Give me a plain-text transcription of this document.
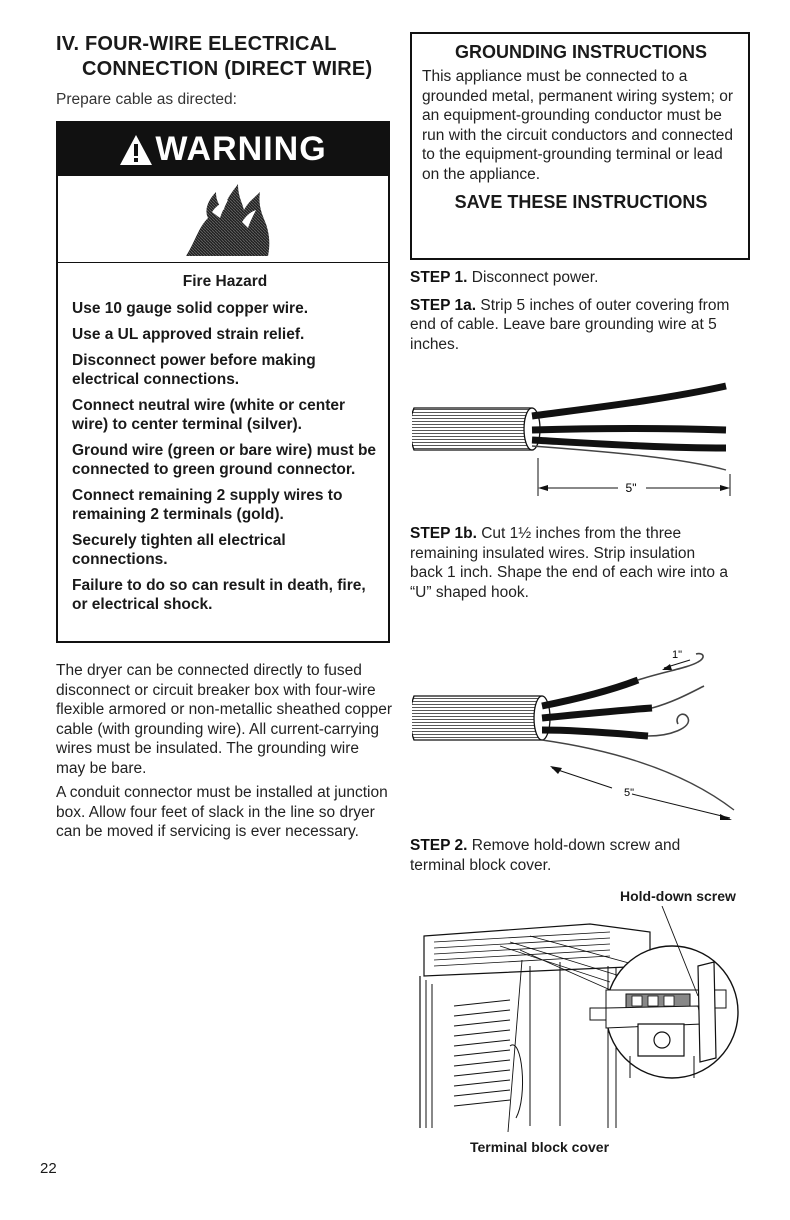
IV. FOUR-WIRE ELECTRICAL
CONNECTION (DIRECT WIRE)
Prepare cable as directed:
WARNING
Fire Hazard
Use 10 gauge solid copper wire.
Use a UL approved strain relief.
Disconnect power before making electrical connections.
Connect neutral wire (white or center wire) to center terminal (silver).
Ground wire (green or bare wire) must be connected to green ground connector.
Connect remaining 2 supply wires to remaining 2 terminals (gold).
Securely tighten all electrical connections.
Failure to do so can result in death, fire, or electrical shock.
The dryer can be connected directly to fused disconnect or circuit breaker box with four-wire flexible armored or non-metallic sheathed copper cable (with grounding wire). All current-carrying wires must be insulated. The grounding wire may be bare.
A conduit connector must be installed at junction box. Allow four feet of slack in the line so dryer can be moved if servicing is ever necessary.
GROUNDING INSTRUCTIONS
This appliance must be connected to a grounded metal, permanent wiring system; or an equipment-grounding conductor must be run with the circuit conductors and connected to the equipment-grounding terminal or lead on the appliance.
SAVE THESE INSTRUCTIONS
STEP 1. Disconnect power.
STEP 1a. Strip 5 inches of outer covering from end of cable. Leave bare grounding wire at 5 inches.
5"
STEP 1b. Cut 1½ inches from the three remaining insulated wires. Strip insulation back 1 inch. Shape the end of each wire into a “U” shaped hook.
1"
5"
STEP 2. Remove hold-down screw and terminal block cover.
Hold-down screw
Terminal block cover
22
